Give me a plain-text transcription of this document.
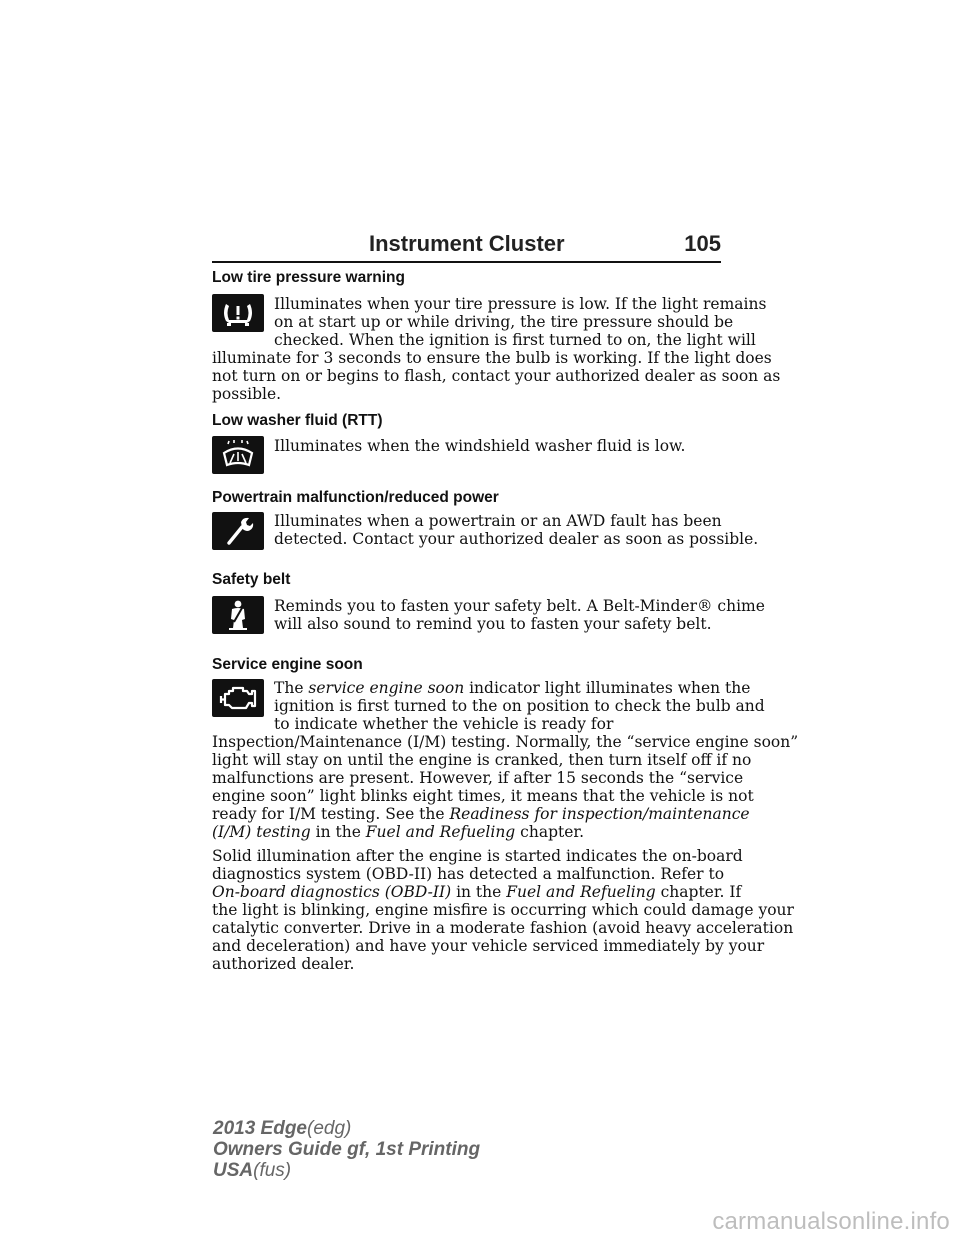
Instrument Cluster	105
Low tire pressure warning
Illuminates when your tire pressure is low. If the light remains
on at start up or while driving, the tire pressure should be
checked. When the ignition is first turned to on, the light will
illuminate for 3 seconds to ensure the bulb is working. If the light does
not turn on or begins to flash, contact your authorized dealer as soon as
possible.
Low washer fluid (RTT)
Illuminates when the windshield washer fluid is low.
Powertrain malfunction/reduced power
Illuminates when a powertrain or an AWD fault has been
detected. Contact your authorized dealer as soon as possible.
Safety belt
Reminds you to fasten your safety belt. A Belt-Minder® chime
will also sound to remind you to fasten your safety belt.
Service engine soon
The service engine soon indicator light illuminates when the
ignition is first turned to the on position to check the bulb and
to indicate whether the vehicle is ready for
Inspection/Maintenance (I/M) testing. Normally, the “service engine soon”
light will stay on until the engine is cranked, then turn itself off if no
malfunctions are present. However, if after 15 seconds the “service
engine soon” light blinks eight times, it means that the vehicle is not
ready for I/M testing. See the Readiness for inspection/maintenance
(I/M) testing in the Fuel and Refueling chapter.
Solid illumination after the engine is started indicates the on-board
diagnostics system (OBD-II) has detected a malfunction. Refer to
On-board diagnostics (OBD-II) in the Fuel and Refueling chapter. If
the light is blinking, engine misfire is occurring which could damage your
catalytic converter. Drive in a moderate fashion (avoid heavy acceleration
and deceleration) and have your vehicle serviced immediately by your
authorized dealer.
2013 Edge(edg)
Owners Guide gf, 1st Printing
USA(fus)
carmanualsonline.info
